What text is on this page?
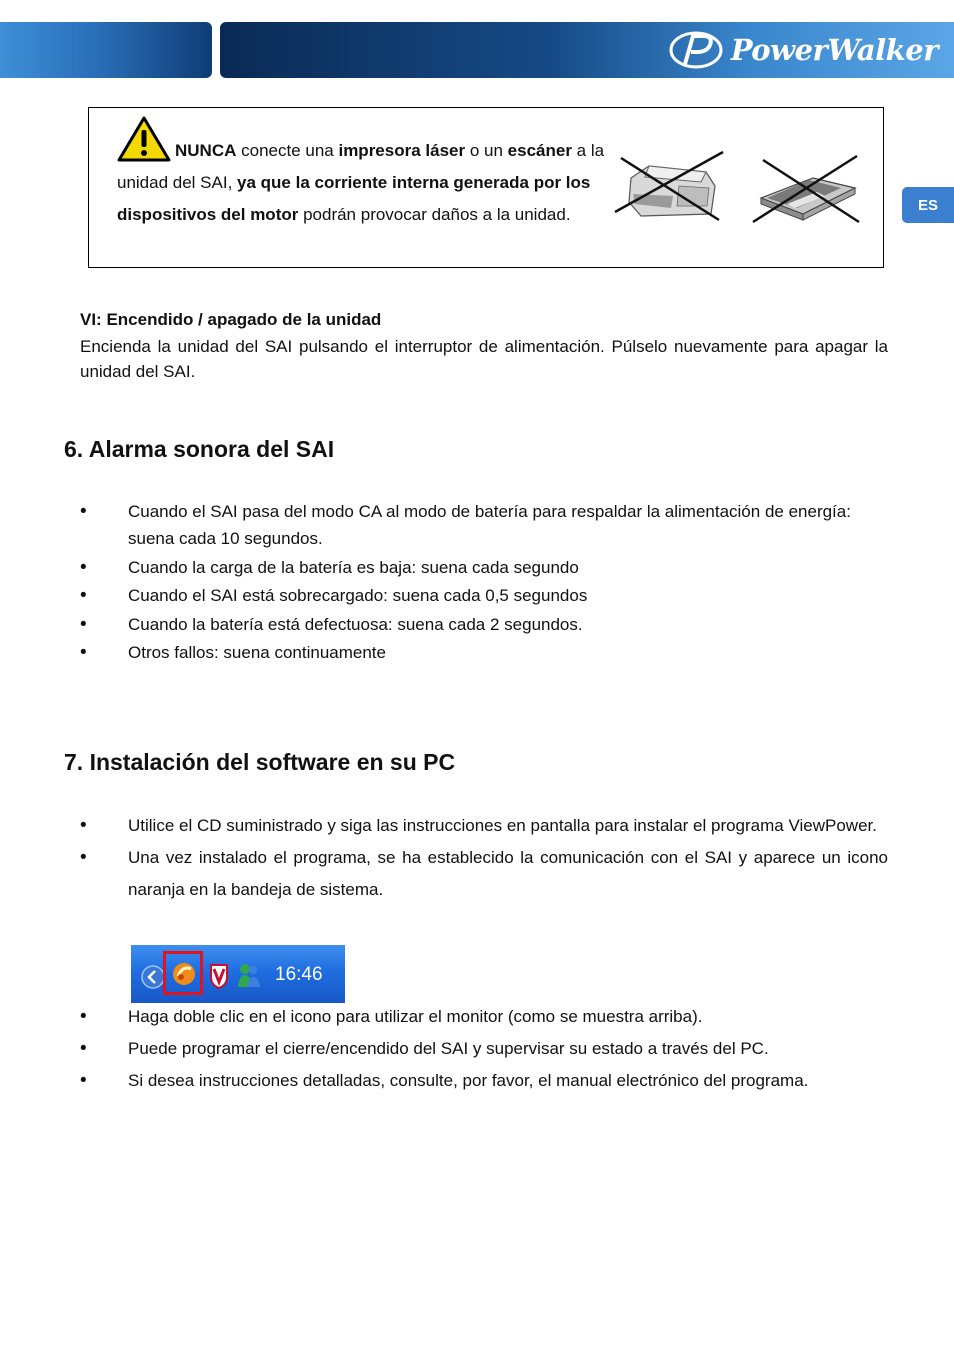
PowerWalker
ES
NUNCA conecte una impresora láser o un escáner a la unidad del SAI, ya que la corriente interna generada por los dispositivos del motor podrán provocar daños a la unidad.
VI: Encendido / apagado de la unidad
Encienda la unidad del SAI pulsando el interruptor de alimentación. Púlselo nuevamente para apagar la unidad del SAI.
6. Alarma sonora del SAI
• Cuando el SAI pasa del modo CA al modo de batería para respaldar la alimentación de energía: suena cada 10 segundos.
• Cuando la carga de la batería es baja: suena cada segundo
• Cuando el SAI está sobrecargado: suena cada 0,5 segundos
• Cuando la batería está defectuosa: suena cada 2 segundos.
• Otros fallos: suena continuamente
7. Instalación del software en su PC
• Utilice el CD suministrado y siga las instrucciones en pantalla para instalar el programa ViewPower.
• Una vez instalado el programa, se ha establecido la comunicación con el SAI y aparece un icono naranja en la bandeja de sistema.
16:46
• Haga doble clic en el icono para utilizar el monitor (como se muestra arriba).
• Puede programar el cierre/encendido del SAI y supervisar su estado a través del PC.
• Si desea instrucciones detalladas, consulte, por favor, el manual electrónico del programa.
